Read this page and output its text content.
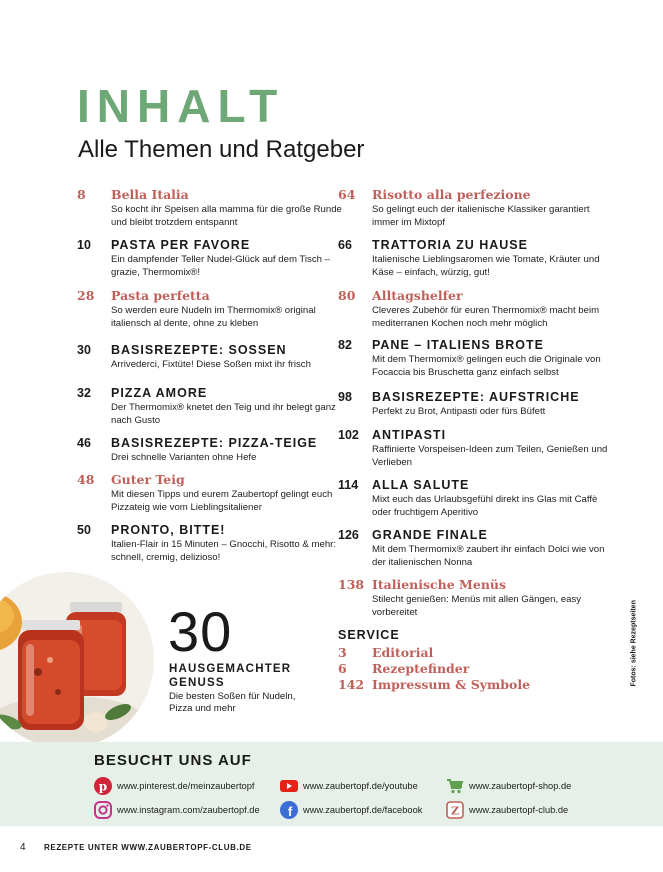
INHALT
Alle Themen und Ratgeber
8 Bella Italia
So kocht ihr Speisen alla mamma für die große Runde und bleibt trotzdem entspannt
10 PASTA PER FAVORE
Ein dampfender Teller Nudel-Glück auf dem Tisch – grazie, Thermomix®!
28 Pasta perfetta
So werden eure Nudeln im Thermomix® original italiensch al dente, ohne zu kleben
30 BASISREZEPTE: SOSSEN
Arrivederci, Fixtüte! Diese Soßen mixt ihr frisch
32 PIZZA AMORE
Der Thermomix® knetet den Teig und ihr belegt ganz nach Gusto
46 BASISREZEPTE: PIZZA-TEIGE
Drei schnelle Varianten ohne Hefe
48 Guter Teig
Mit diesen Tipps und eurem Zaubertopf gelingt euch Pizzateig wie vom Lieblingsitaliener
50 PRONTO, BITTE!
Italien-Flair in 15 Minuten – Gnocchi, Risotto & mehr: schnell, cremig, delizioso!
64 Risotto alla perfezione
So gelingt euch der italienische Klassiker garantiert immer im Mixtopf
66 TRATTORIA ZU HAUSE
Italienische Lieblingsaromen wie Tomate, Kräuter und Käse – einfach, würzig, gut!
80 Alltagshelfer
Cleveres Zubehör für euren Thermomix® macht beim mediterranen Kochen noch mehr möglich
82 PANE – ITALIENS BROTE
Mit dem Thermomix® gelingen euch die Originale von Focaccia bis Bruschetta ganz einfach selbst
98 BASISREZEPTE: AUFSTRICHE
Perfekt zu Brot, Antipasti oder fürs Büfett
102 ANTIPASTI
Raffinierte Vorspeisen-Ideen zum Teilen, Genießen und Verlieben
114 ALLA SALUTE
Mixt euch das Urlaubsgefühl direkt ins Glas mit Caffè oder fruchtigem Aperitivo
126 GRANDE FINALE
Mit dem Thermomix® zaubert ihr einfach Dolci wie von der italienischen Nonna
138 Italienische Menüs
Stilecht genießen: Menüs mit allen Gängen, easy vorbereitet
SERVICE
3 Editorial
6 Rezeptefinder
142 Impressum & Symbole	Fotos: siehe Rezeptseiten
30
HAUSGEMACHTER GENUSS
Die besten Soßen für Nudeln, Pizza und mehr
BESUCHT UNS AUF
p www.pinterest.de/meinzaubertopf	www.zaubertopf.de/youtube	www.zaubertopf-shop.de
www.instagram.com/zaubertopf.de f www.zaubertopf.de/facebook	Z www.zaubertopf-club.de
4 REZEPTE UNTER WWW.ZAUBERTOPF-CLUB.DE
